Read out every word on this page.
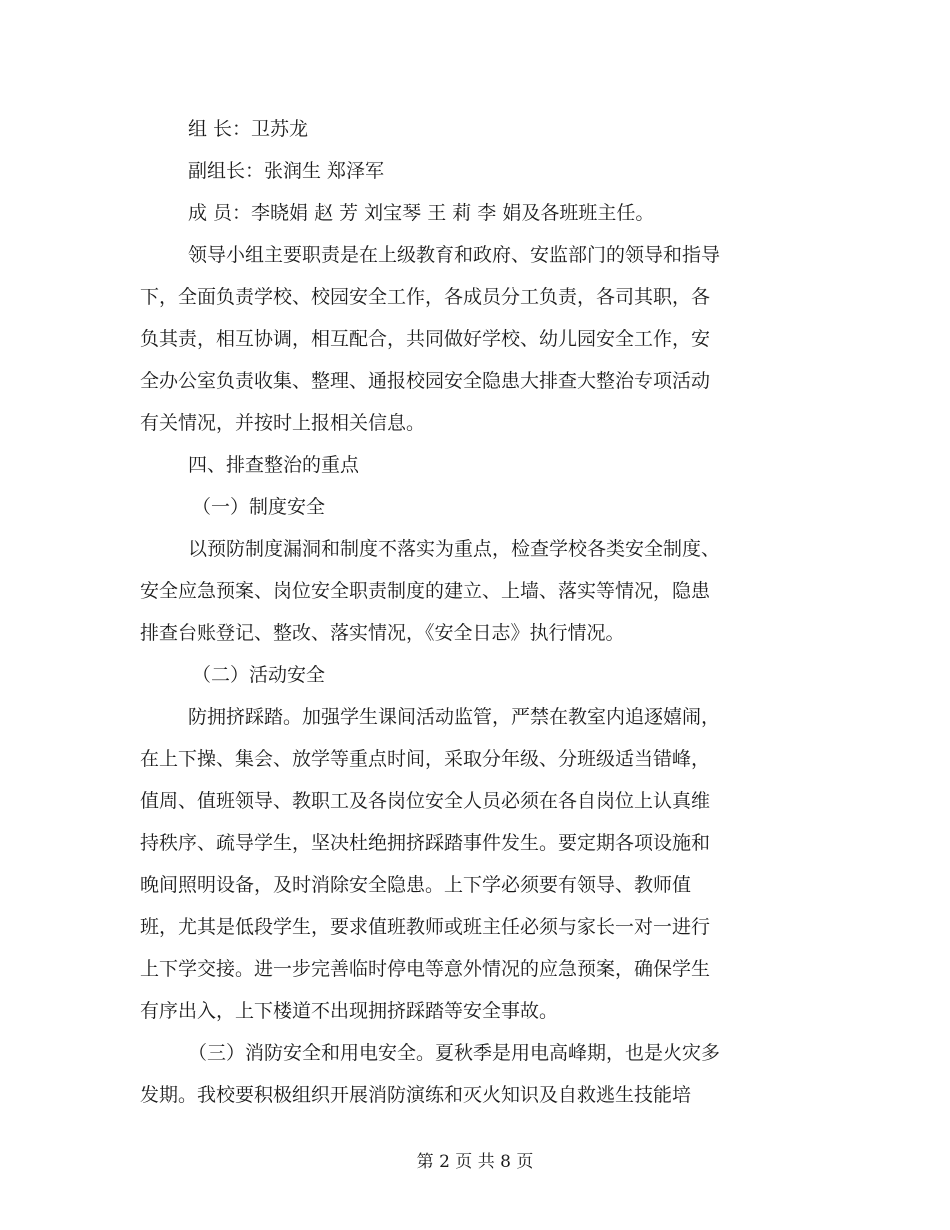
组 长：卫苏龙
副组长：张润生 郑泽军
成 员：李晓娟 赵 芳 刘宝琴 王 莉 李 娟及各班班主任。
领导小组主要职责是在上级教育和政府、安监部门的领导和指导
下，全面负责学校、校园安全工作，各成员分工负责，各司其职，各
负其责，相互协调，相互配合，共同做好学校、幼儿园安全工作，安
全办公室负责收集、整理、通报校园安全隐患大排查大整治专项活动
有关情况，并按时上报相关信息。
四、排查整治的重点
（一）制度安全
以预防制度漏洞和制度不落实为重点，检查学校各类安全制度、
安全应急预案、岗位安全职责制度的建立、上墙、落实等情况，隐患
排查台账登记、整改、落实情况，《安全日志》执行情况。
（二）活动安全
防拥挤踩踏。加强学生课间活动监管，严禁在教室内追逐嬉闹，
在上下操、集会、放学等重点时间，采取分年级、分班级适当错峰，
值周、值班领导、教职工及各岗位安全人员必须在各自岗位上认真维
持秩序、疏导学生，坚决杜绝拥挤踩踏事件发生。要定期各项设施和
晚间照明设备，及时消除安全隐患。上下学必须要有领导、教师值
班，尤其是低段学生，要求值班教师或班主任必须与家长一对一进行
上下学交接。进一步完善临时停电等意外情况的应急预案，确保学生
有序出入，上下楼道不出现拥挤踩踏等安全事故。
（三）消防安全和用电安全。夏秋季是用电高峰期，也是火灾多
发期。我校要积极组织开展消防演练和灭火知识及自救逃生技能培
第 2 页 共 8 页
